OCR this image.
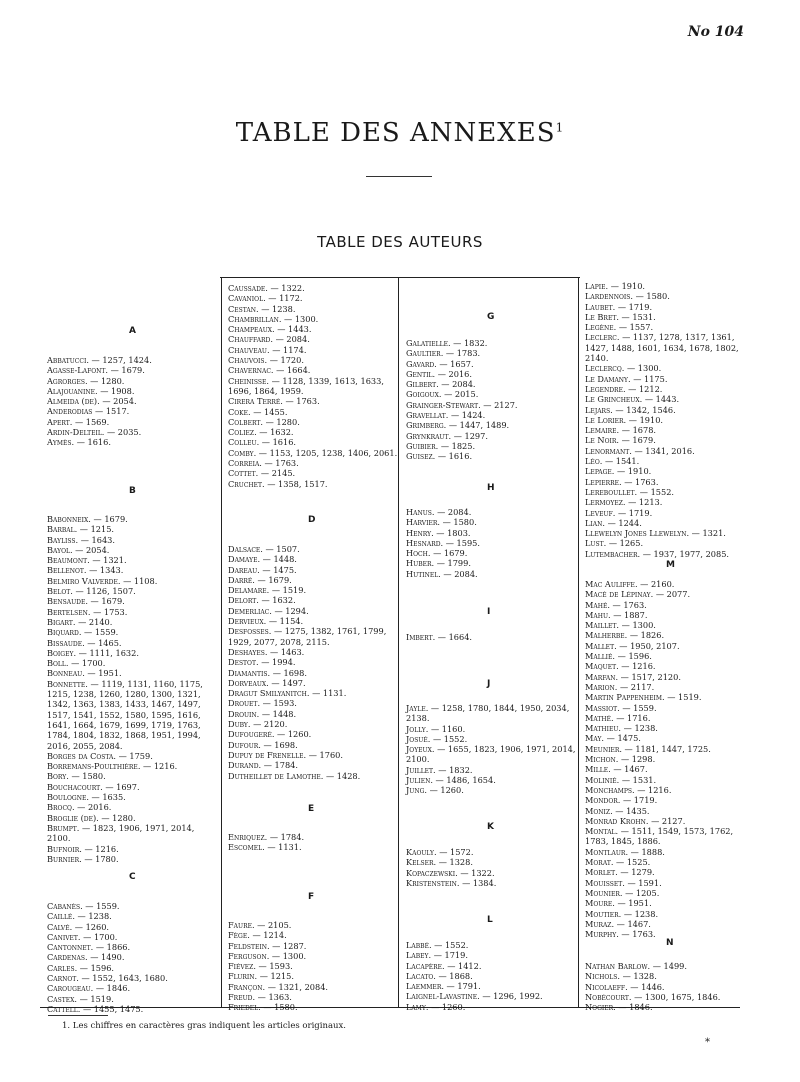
No 104
TABLE DES ANNEXES$^1$
TABLE DES AUTEURS
A
Abbatucci. — 1257, 1424.
Agasse-Lafont. — 1679.
Agrorges. — 1280.
Alajouanine. — 1908.
Almeida (de). — 2054.
Anderodias — 1517.
Apert. — 1569.
Ardin-Delteil. — 2035.
Aymès. — 1616.
B
Babonneix. — 1679.
Barbal. — 1215.
Bayliss. — 1643.
Bayol. — 2054.
Beaumont. — 1321.
Bellenot. — 1343.
Belmiro Valverde. — 1108.
Belot. — 1126, 1507.
Bensaude. — 1679.
Bertelsen. — 1753.
Bigart. — 2140.
Biquard. — 1559.
Bissaude. — 1465.
Boigey. — 1111, 1632.
Boll. — 1700.
Bonneau. — 1951.
Bonnette. — 1119, 1131, 1160, 1175, 1215, 1238, 1260, 1280, 1300, 1321, 1342, 1363, 1383, 1433, 1467, 1497, 1517, 1541, 1552, 1580, 1595, 1616, 1641, 1664, 1679, 1699, 1719, 1763, 1784, 1804, 1832, 1868, 1951, 1994, 2016, 2055, 2084.
Borges da Costa. — 1759.
Borremans-Poulthière. — 1216.
Bory. — 1580.
Bouchacourt. — 1697.
Boulogne. — 1635.
Brocq. — 2016.
Broglie (de). — 1280.
Brumpt. — 1823, 1906, 1971, 2014, 2100.
Bufnoir. — 1216.
Burnier. — 1780.
C
Cabanès. — 1559.
Caillé. — 1238.
Calvé. — 1260.
Canivet. — 1700.
Cantonnet. — 1866.
Cardenas. — 1490.
Carles. — 1596.
Carnot. — 1552, 1643, 1680.
Carougeau. — 1846.
Castex. — 1519.
Cattell. — 1455, 1475.
Caussade. — 1322.
Cavaniol. — 1172.
Cestan. — 1238.
Chambrillan. — 1300.
Champeaux. — 1443.
Chauffard. — 2084.
Chauveau. — 1174.
Chauvois. — 1720.
Chavernac. — 1664.
Cheinisse. — 1128, 1339, 1613, 1633, 1696, 1864, 1959.
Cirera Terré. — 1763.
Coke. — 1455.
Colbert. — 1280.
Coliez. — 1632.
Colleu. — 1616.
Comby. — 1153, 1205, 1238, 1406, 2061.
Correia. — 1763.
Cottet. — 2145.
Cruchet. — 1358, 1517.
D
Dalsace. — 1507.
Damaye. — 1448.
Dareau. — 1475.
Darré. — 1679.
Delamare. — 1519.
Delort. — 1632.
Demerliac. — 1294.
Dervieux. — 1154.
Desfosses. — 1275, 1382, 1761, 1799, 1929, 2077, 2078, 2115.
Deshayes. — 1463.
Destot. — 1994.
Diamantis. — 1698.
Dorveaux. — 1497.
Dragut Smilyanitch. — 1131.
Drouet. — 1593.
Drouin. — 1448.
Duby. — 2120.
Dufougeré. — 1260.
Dufour. — 1698.
Dupuy de Frenelle. — 1760.
Durand. — 1784.
Dutheillet de Lamothe. — 1428.
E
Enriquez. — 1784.
Escomel. — 1131.
F
Faure. — 2105.
Fège. — 1214.
Feldstein. — 1287.
Ferguson. — 1300.
Fiévez. — 1593.
Flurin. — 1215.
Françon. — 1321, 2084.
Freud. — 1363.
Friedel. — 1580.
G
Galatielle. — 1832.
Gaultier. — 1783.
Gavard. — 1657.
Gentil. — 2016.
Gilbert. — 2084.
Goigoux. — 2015.
Grainger-Stewart. — 2127.
Gravellat. — 1424.
Grimberg. — 1447, 1489.
Grynkraut. — 1297.
Guibier. — 1825.
Guisez. — 1616.
H
Hanus. — 2084.
Harvier. — 1580.
Henry. — 1803.
Hesnard. — 1595.
Hoch. — 1679.
Huber. — 1799.
Hutinel. — 2084.
I
Imbert. — 1664.
J
Jayle. — 1258, 1780, 1844, 1950, 2034, 2138.
Jolly. — 1160.
Josué. — 1552.
Joyeux. — 1655, 1823, 1906, 1971, 2014, 2100.
Juillet. — 1832.
Julien. — 1486, 1654.
Jung. — 1260.
K
Kaouly. — 1572.
Kelser. — 1328.
Kopaczewski. — 1322.
Kristenstein. — 1384.
L
Labbé. — 1552.
Labey. — 1719.
Lacapère. — 1412.
Lacato. — 1868.
Laemmer. — 1791.
Laignel-Lavastine. — 1296, 1992.
Lamy. — 1260.
Lapie. — 1910.
Lardennois. — 1580.
Laubet. — 1719.
Le Bret. — 1531.
Legène. — 1557.
Leclerc. — 1137, 1278, 1317, 1361, 1427, 1488, 1601, 1634, 1678, 1802, 2140.
Leclercq. — 1300.
Le Damany. — 1175.
Legendre. — 1212.
Le Grincheux. — 1443.
Lejars. — 1342, 1546.
Le Lorier. — 1910.
Lemaire. — 1678.
Le Noir. — 1679.
Lenormant. — 1341, 2016.
Léo. — 1541.
Lepage. — 1910.
Lepierre. — 1763.
Lereboullet. — 1552.
Lermoyez. — 1213.
Leveuf. — 1719.
Lian. — 1244.
Llewelyn Jones Llewelyn. — 1321.
Lust. — 1265.
Lutembacher. — 1937, 1977, 2085.
M
Mac Auliffe. — 2160.
Macé de Lépinay. — 2077.
Mahé. — 1763.
Mahu. — 1887.
Maillet. — 1300.
Malherbe. — 1826.
Mallet. — 1950, 2107.
Mallié. — 1596.
Maquet. — 1216.
Marfan. — 1517, 2120.
Marion. — 2117.
Martin Pappenheim. — 1519.
Massiot. — 1559.
Mathé. — 1716.
Mathieu. — 1238.
May. — 1475.
Meunier. — 1181, 1447, 1725.
Michon. — 1298.
Mille. — 1467.
Molinié. — 1531.
Monchamps. — 1216.
Mondor. — 1719.
Moniz. — 1435.
Monrad Krohn. — 2127.
Montal. — 1511, 1549, 1573, 1762, 1783, 1845, 1886.
Montlaur. — 1888.
Morat. — 1525.
Morlet. — 1279.
Mouisset. — 1591.
Mounier. — 1205.
Moure. — 1951.
Moutier. — 1238.
Muraz. — 1467.
Murphy. — 1763.
N
Nathan Barlow. — 1499.
Nichols. — 1328.
Nicolaeff. — 1446.
Nobécourt. — 1300, 1675, 1846.
Nogier. — 1846.
1. Les chiffres en caractères gras indiquent les articles originaux.
*
